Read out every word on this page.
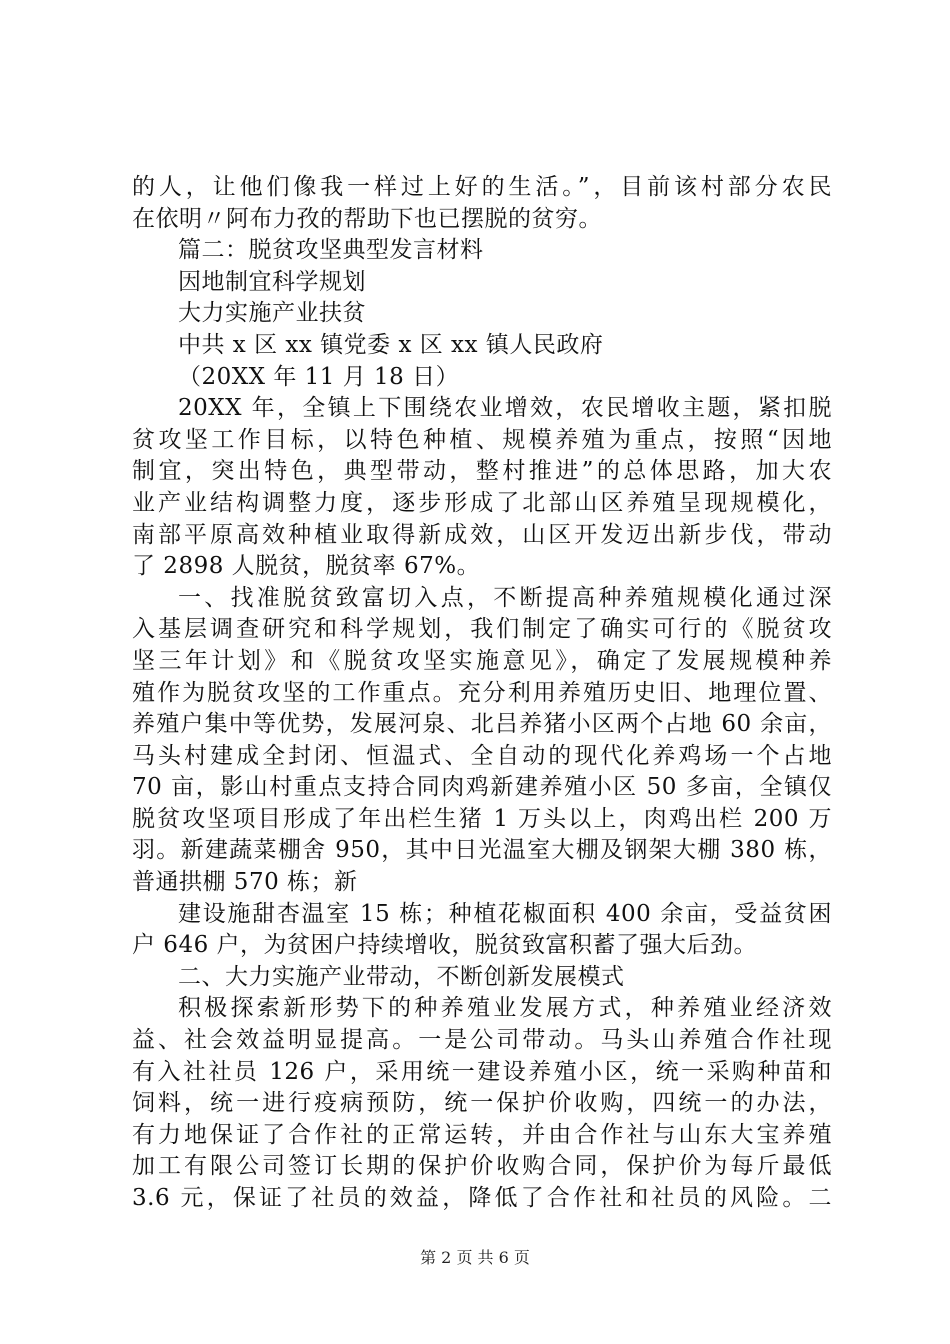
的人，让他们像我一样过上好的生活。”，目前该村部分农民
在依明〃阿布力孜的帮助下也已摆脱的贫穷。
篇二：脱贫攻坚典型发言材料
因地制宜科学规划
大力实施产业扶贫
中共 x 区 xx 镇党委 x 区 xx 镇人民政府
（20XX 年 11 月 18 日）
20XX 年，全镇上下围绕农业增效，农民增收主题，紧扣脱
贫攻坚工作目标，以特色种植、规模养殖为重点，按照“因地
制宜，突出特色，典型带动，整村推进”的总体思路，加大农
业产业结构调整力度，逐步形成了北部山区养殖呈现规模化，
南部平原高效种植业取得新成效，山区开发迈出新步伐，带动
了 2898 人脱贫，脱贫率 67%。
一、找准脱贫致富切入点，不断提高种养殖规模化通过深
入基层调查研究和科学规划，我们制定了确实可行的《脱贫攻
坚三年计划》和《脱贫攻坚实施意见》，确定了发展规模种养
殖作为脱贫攻坚的工作重点。充分利用养殖历史旧、地理位置、
养殖户集中等优势，发展河泉、北吕养猪小区两个占地 60 余亩，
马头村建成全封闭、恒温式、全自动的现代化养鸡场一个占地
70 亩，影山村重点支持合同肉鸡新建养殖小区 50 多亩，全镇仅
脱贫攻坚项目形成了年出栏生猪 1 万头以上，肉鸡出栏 200 万
羽。新建蔬菜棚舍 950，其中日光温室大棚及钢架大棚 380 栋，
普通拱棚 570 栋；新
建设施甜杏温室 15 栋；种植花椒面积 400 余亩，受益贫困
户 646 户，为贫困户持续增收，脱贫致富积蓄了强大后劲。
二、大力实施产业带动，不断创新发展模式
积极探索新形势下的种养殖业发展方式，种养殖业经济效
益、社会效益明显提高。一是公司带动。马头山养殖合作社现
有入社社员 126 户，采用统一建设养殖小区，统一采购种苗和
饲料，统一进行疫病预防，统一保护价收购，四统一的办法，
有力地保证了合作社的正常运转，并由合作社与山东大宝养殖
加工有限公司签订长期的保护价收购合同，保护价为每斤最低
3.6 元，保证了社员的效益，降低了合作社和社员的风险。二
第 2 页 共 6 页
